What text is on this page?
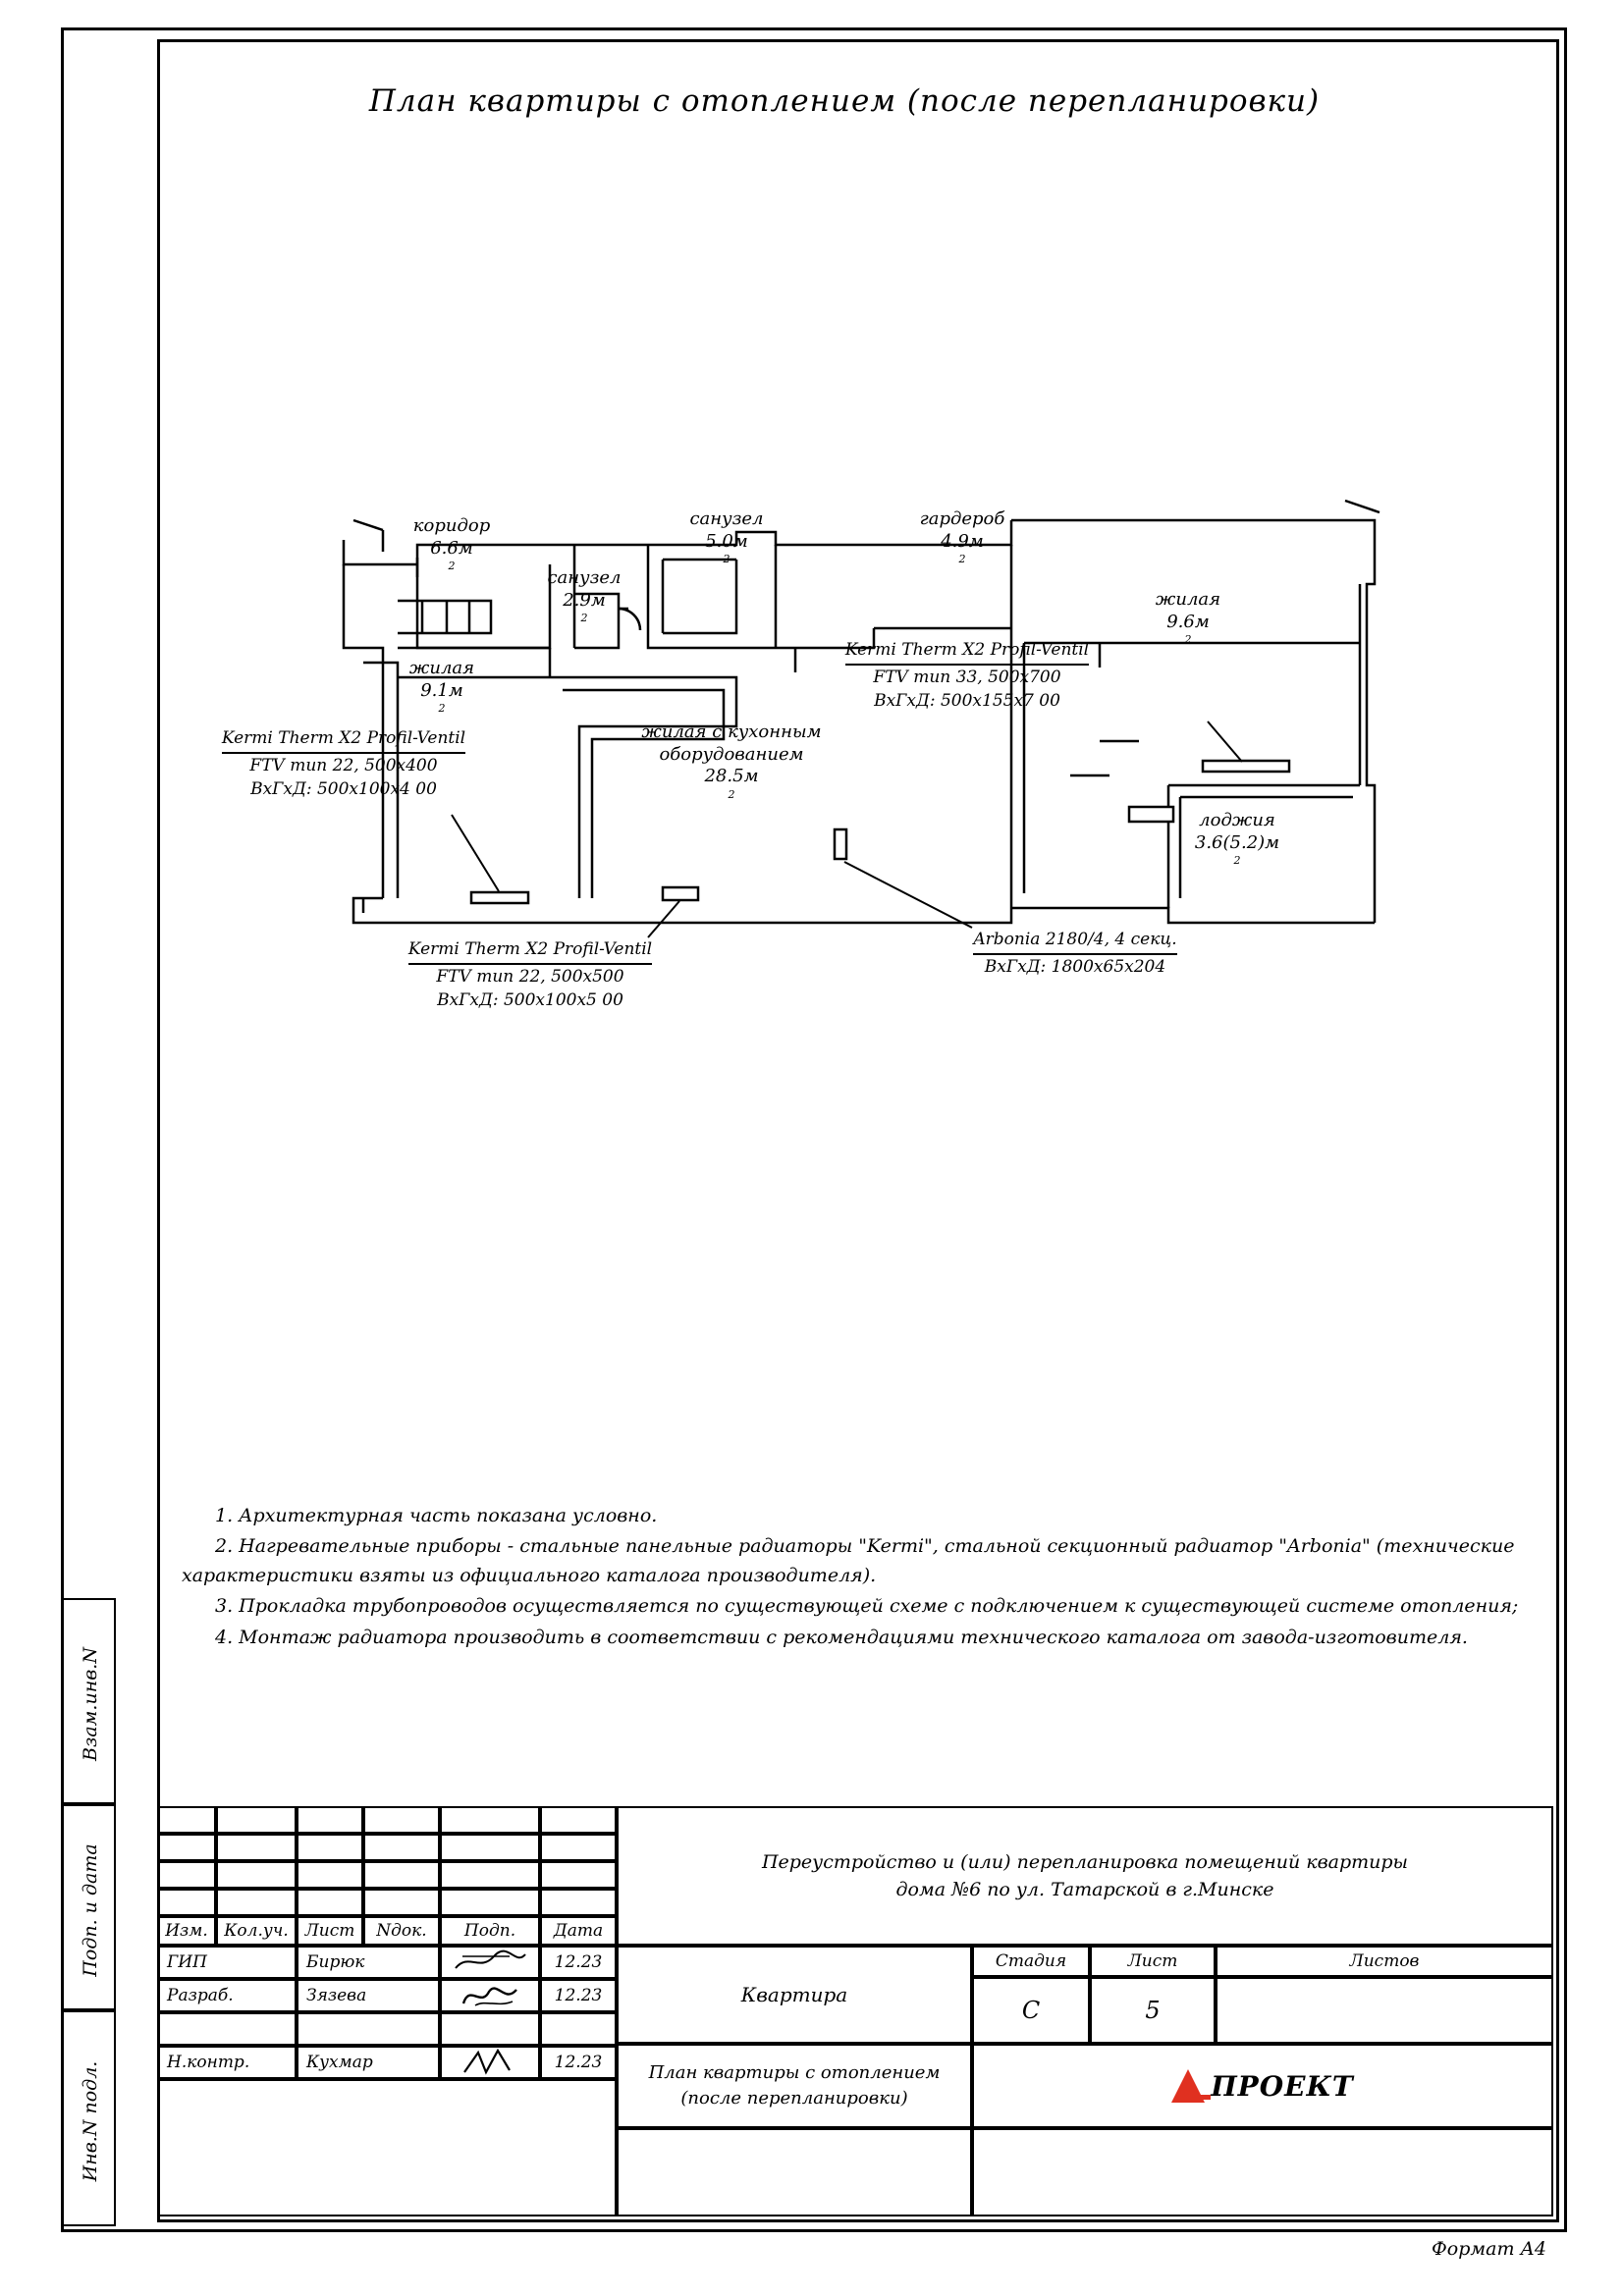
План квартиры с отоплением (после перепланировки)
Взам.инв.N
Подп. и дата
Инв.N подл.
коридор
6.6м
$^2$
санузел
2.9м
$^2$
санузел
5.0м
$^2$
гардероб
4.9м
$^2$
жилая
9.6м
$^2$
жилая
9.1м
$^2$
жилая с кухонным оборудованием
28.5м
$^2$
лоджия
3.6(5.2)м
$^2$
Kermi Therm X2 Profil-Ventil
FTV тип 22, 500х400
ВхГхД: 500х100х4 00
Kermi Therm X2 Profil-Ventil
FTV тип 22, 500х500
ВхГхД: 500х100х5 00
Kermi Therm X2 Profil-Ventil
FTV тип 33, 500х700
ВхГхД: 500х155х7 00
Arbonia 2180/4, 4 секц.
ВхГхД: 1800х65х204

1. Архитектурная часть показана условно.

2. Нагревательные приборы - стальные панельные радиаторы "Kermi", стальной секционный радиатор "Arbonia" (технические характеристики взяты из официального каталога производителя).

3. Прокладка трубопроводов осуществляется по существующей схеме с подключением к существующей системе отопления;

4. Монтаж радиатора производить в соответствии с рекомендациями технического каталога от завода-изготовителя.

Изм. Кол.уч. Лист	Nдок.	Подп.	Дата
ГИП	Бирюк	12.23
Разраб.	Зязева	12.23
Н.контр.	Кухмар	12.23
Переустройство и (или) перепланировка помещений квартиры
дома №6 по ул. Татарской в г.Минске
Стадия	Лист	Листов
Квартира
С	5
План квартиры с отоплением
(после перепланировки)	ПРОЕКТ
Формат А4
